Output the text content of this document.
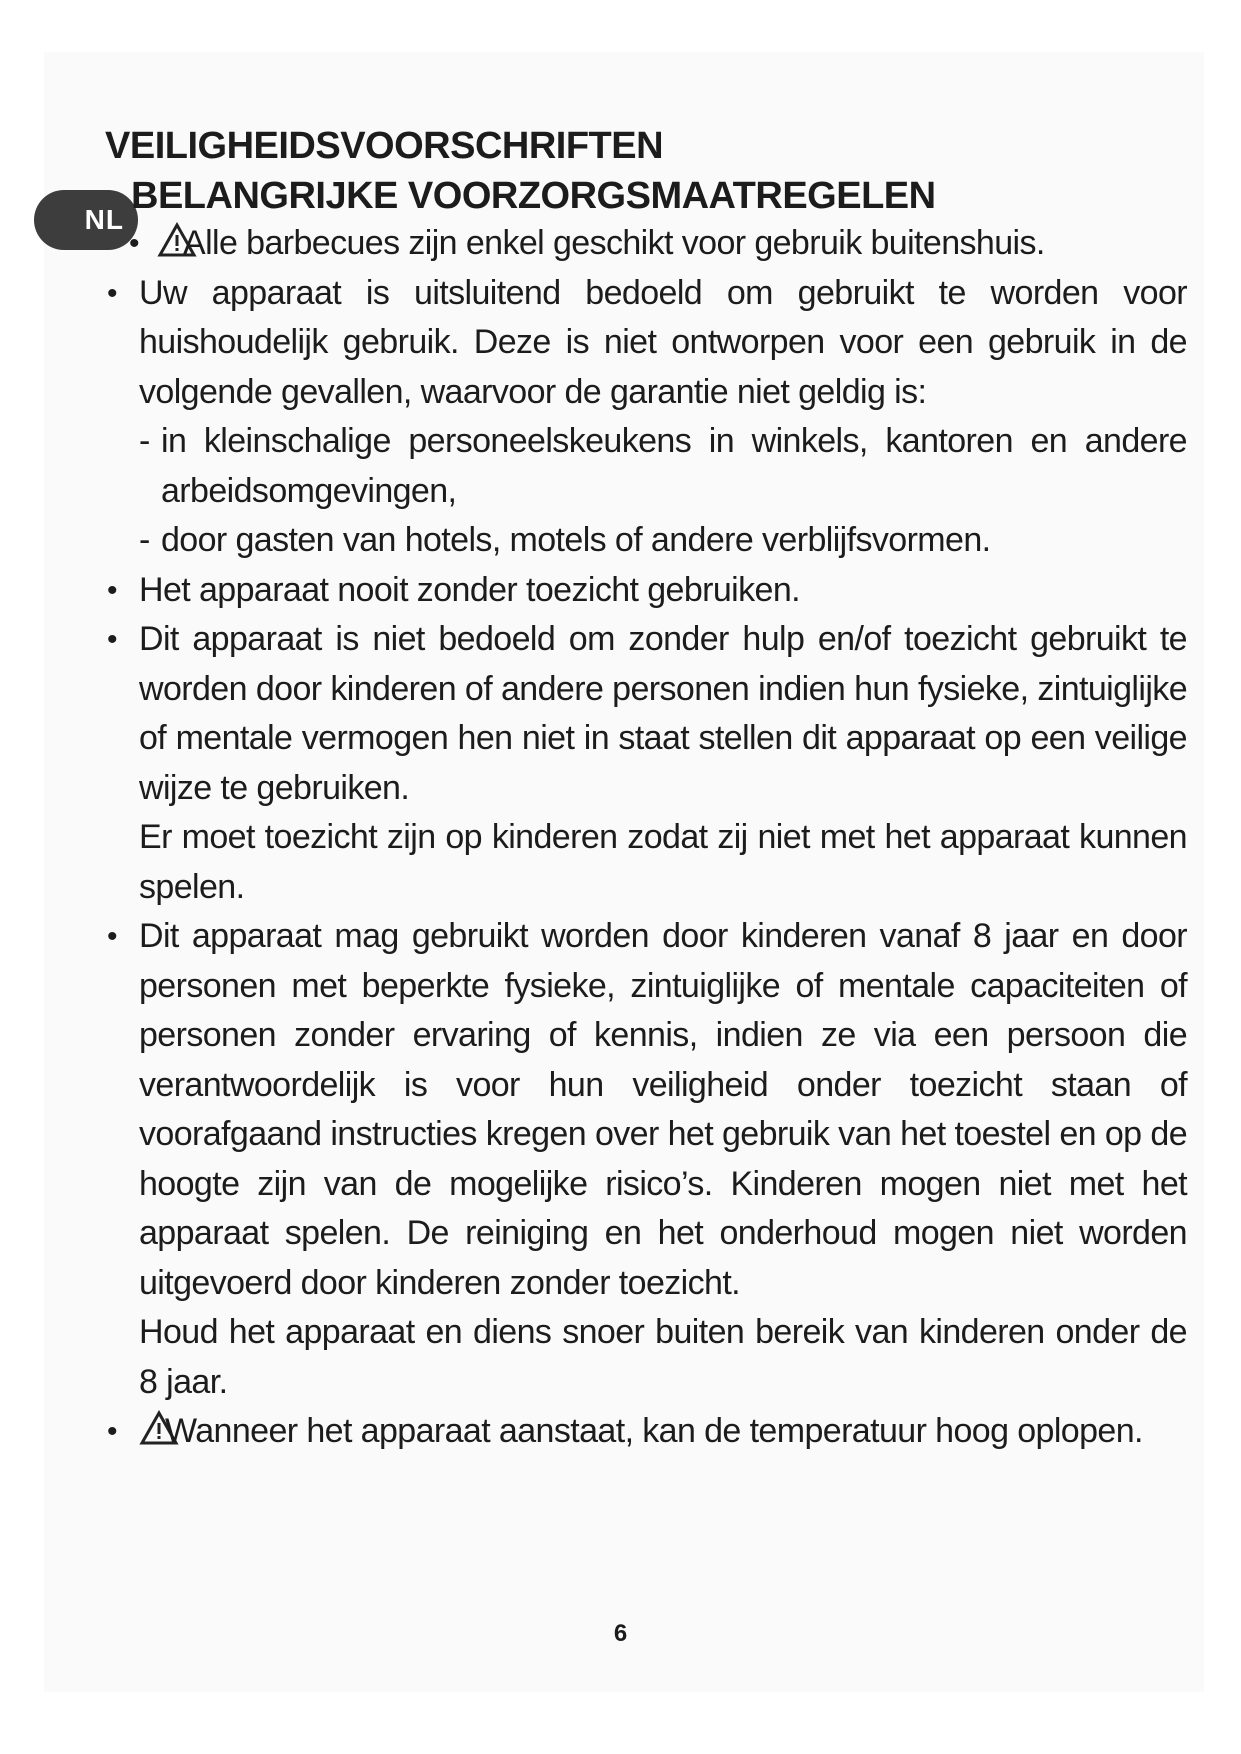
NL
VEILIGHEIDSVOORSCHRIFTEN
BELANGRIJKE VOORZORGSMAATREGELEN
•	Alle barbecues zijn enkel geschikt voor gebruik buitenshuis.
• Uw apparaat is uitsluitend bedoeld om gebruikt te worden voor huishoudelijk gebruik. Deze is niet ontworpen voor een gebruik in de volgende gevallen, waarvoor de garantie niet geldig is:
- in kleinschalige personeelskeukens in winkels, kantoren en andere arbeidsomgevingen,
- door gasten van hotels, motels of andere verblijfsvormen.
• Het apparaat nooit zonder toezicht gebruiken.
• Dit apparaat is niet bedoeld om zonder hulp en/of toezicht gebruikt te worden door kinderen of andere personen indien hun fysieke, zintuiglijke of mentale vermogen hen niet in staat stellen dit apparaat op een veilige wijze te gebruiken.
Er moet toezicht zijn op kinderen zodat zij niet met het apparaat kunnen spelen.
• Dit apparaat mag gebruikt worden door kinderen vanaf 8 jaar en door personen met beperkte fysieke, zintuiglijke of mentale capaciteiten of personen zonder ervaring of kennis, indien ze via een persoon die verantwoordelijk is voor hun veiligheid onder toezicht staan of voorafgaand instructies kregen over het gebruik van het toestel en op de hoogte zijn van de mogelijke risico’s. Kinderen mogen niet met het apparaat spelen. De reiniging en het onderhoud mogen niet worden uitgevoerd door kinderen zonder toezicht.
Houd het apparaat en diens snoer buiten bereik van kinderen onder de 8 jaar.
•	Wanneer het apparaat aanstaat, kan de temperatuur hoog oplopen.
6
